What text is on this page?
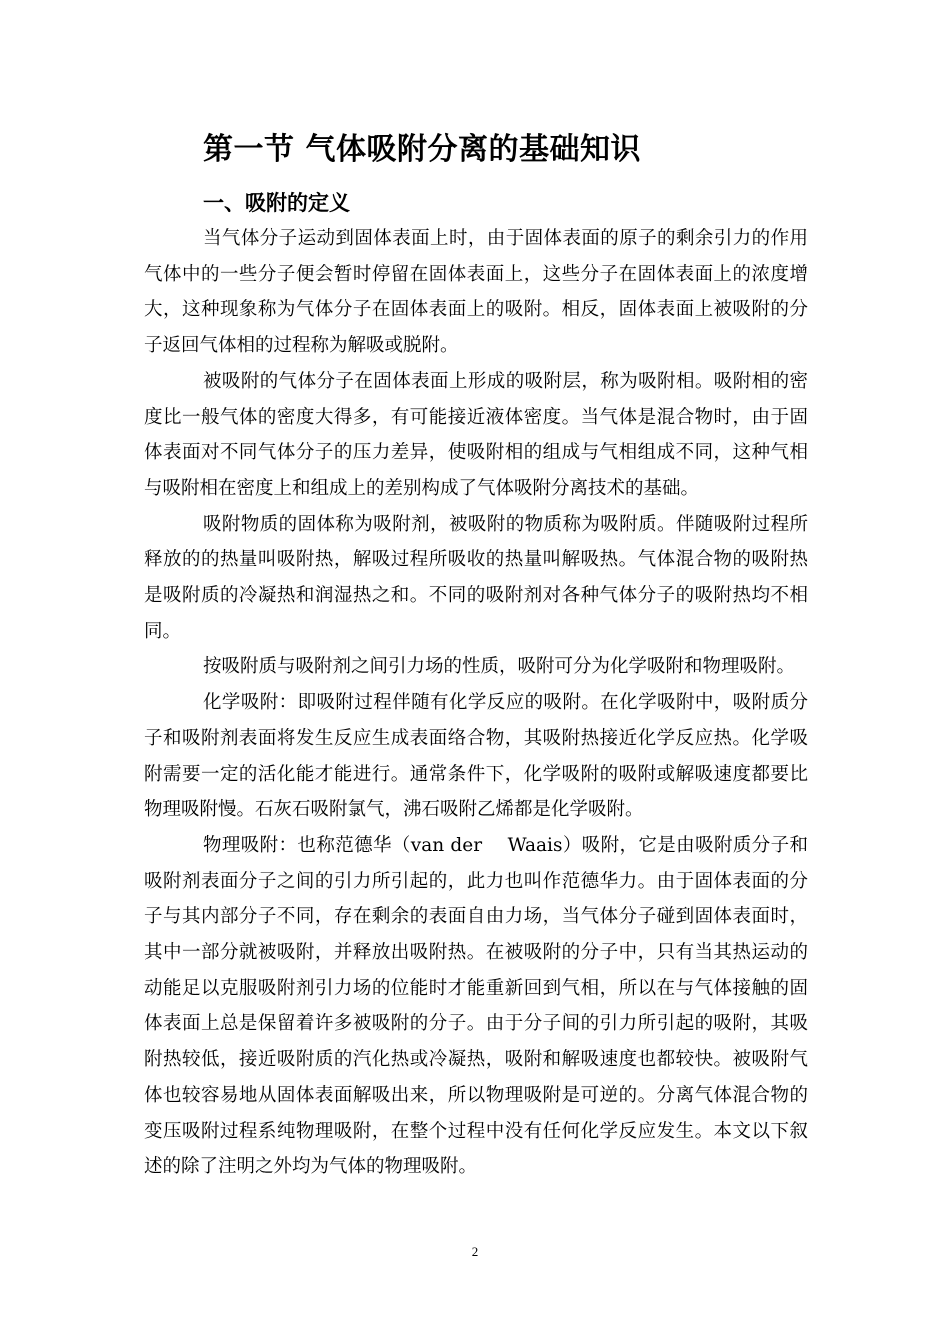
第一节 气体吸附分离的基础知识
一、吸附的定义

当气体分子运动到固体表面上时，由于固体表面的原子的剩余引力的作用气体中的一些分子便会暂时停留在固体表面上，这些分子在固体表面上的浓度增大，这种现象称为气体分子在固体表面上的吸附。相反，固体表面上被吸附的分子返回气体相的过程称为解吸或脱附。

被吸附的气体分子在固体表面上形成的吸附层，称为吸附相。吸附相的密度比一般气体的密度大得多，有可能接近液体密度。当气体是混合物时，由于固体表面对不同气体分子的压力差异，使吸附相的组成与气相组成不同，这种气相与吸附相在密度上和组成上的差别构成了气体吸附分离技术的基础。

吸附物质的固体称为吸附剂，被吸附的物质称为吸附质。伴随吸附过程所释放的的热量叫吸附热，解吸过程所吸收的热量叫解吸热。气体混合物的吸附热是吸附质的冷凝热和润湿热之和。不同的吸附剂对各种气体分子的吸附热均不相同。

按吸附质与吸附剂之间引力场的性质，吸附可分为化学吸附和物理吸附。

化学吸附：即吸附过程伴随有化学反应的吸附。在化学吸附中，吸附质分子和吸附剂表面将发生反应生成表面络合物，其吸附热接近化学反应热。化学吸附需要一定的活化能才能进行。通常条件下，化学吸附的吸附或解吸速度都要比物理吸附慢。石灰石吸附氯气，沸石吸附乙烯都是化学吸附。

物理吸附：也称范德华（van der　 Waais）吸附，它是由吸附质分子和吸附剂表面分子之间的引力所引起的，此力也叫作范德华力。由于固体表面的分子与其内部分子不同，存在剩余的表面自由力场，当气体分子碰到固体表面时，其中一部分就被吸附，并释放出吸附热。在被吸附的分子中，只有当其热运动的动能足以克服吸附剂引力场的位能时才能重新回到气相，所以在与气体接触的固体表面上总是保留着许多被吸附的分子。由于分子间的引力所引起的吸附，其吸附热较低，接近吸附质的汽化热或冷凝热，吸附和解吸速度也都较快。被吸附气体也较容易地从固体表面解吸出来，所以物理吸附是可逆的。分离气体混合物的变压吸附过程系纯物理吸附，在整个过程中没有任何化学反应发生。本文以下叙述的除了注明之外均为气体的物理吸附。

2
